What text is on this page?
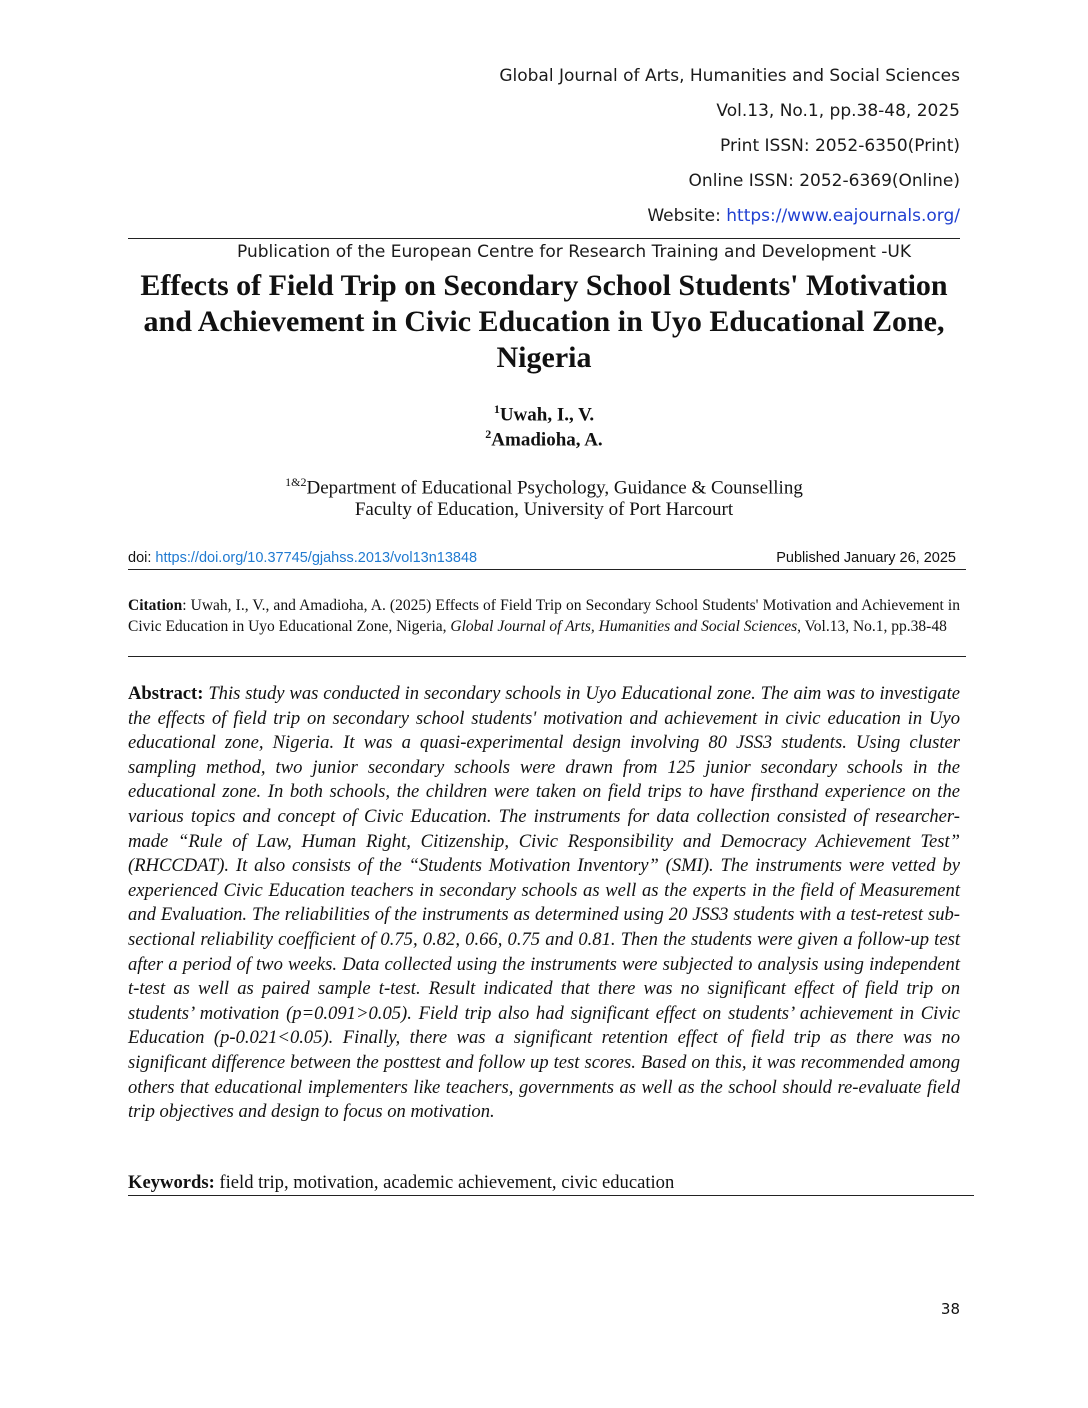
Global Journal of Arts, Humanities and Social Sciences
Vol.13, No.1, pp.38-48, 2025
Print ISSN: 2052-6350(Print)
Online ISSN: 2052-6369(Online)
Website: https://www.eajournals.org/
Publication of the European Centre for Research Training and Development -UK
Effects of Field Trip on Secondary School Students' Motivation and Achievement in Civic Education in Uyo Educational Zone, Nigeria
$^1$Uwah, I., V.
$^2$Amadioha, A.
$^{1\&2}$Department of Educational Psychology, Guidance & Counselling
Faculty of Education, University of Port Harcourt
doi: https://doi.org/10.37745/gjahss.2013/vol13n13848	Published January 26, 2025
Citation: Uwah, I., V., and Amadioha, A. (2025) Effects of Field Trip on Secondary School Students' Motivation and Achievement in Civic Education in Uyo Educational Zone, Nigeria, Global Journal of Arts, Humanities and Social Sciences, Vol.13, No.1, pp.38-48
Abstract: This study was conducted in secondary schools in Uyo Educational zone. The aim was to investigate the effects of field trip on secondary school students' motivation and achievement in civic education in Uyo educational zone, Nigeria. It was a quasi-experimental design involving 80 JSS3 students. Using cluster sampling method, two junior secondary schools were drawn from 125 junior secondary schools in the educational zone. In both schools, the children were taken on field trips to have firsthand experience on the various topics and concept of Civic Education. The instruments for data collection consisted of researcher-made “Rule of Law, Human Right, Citizenship, Civic Responsibility and Democracy Achievement Test” (RHCCDAT). It also consists of the “Students Motivation Inventory” (SMI). The instruments were vetted by experienced Civic Education teachers in secondary schools as well as the experts in the field of Measurement and Evaluation. The reliabilities of the instruments as determined using 20 JSS3 students with a test-retest sub-sectional reliability coefficient of 0.75, 0.82, 0.66, 0.75 and 0.81. Then the students were given a follow-up test after a period of two weeks. Data collected using the instruments were subjected to analysis using independent t-test as well as paired sample t-test. Result indicated that there was no significant effect of field trip on students’ motivation (p=0.091>0.05). Field trip also had significant effect on students’ achievement in Civic Education (p-0.021<0.05). Finally, there was a significant retention effect of field trip as there was no significant difference between the posttest and follow up test scores. Based on this, it was recommended among others that educational implementers like teachers, governments as well as the school should re-evaluate field trip objectives and design to focus on motivation.
Keywords: field trip, motivation, academic achievement, civic education
38
